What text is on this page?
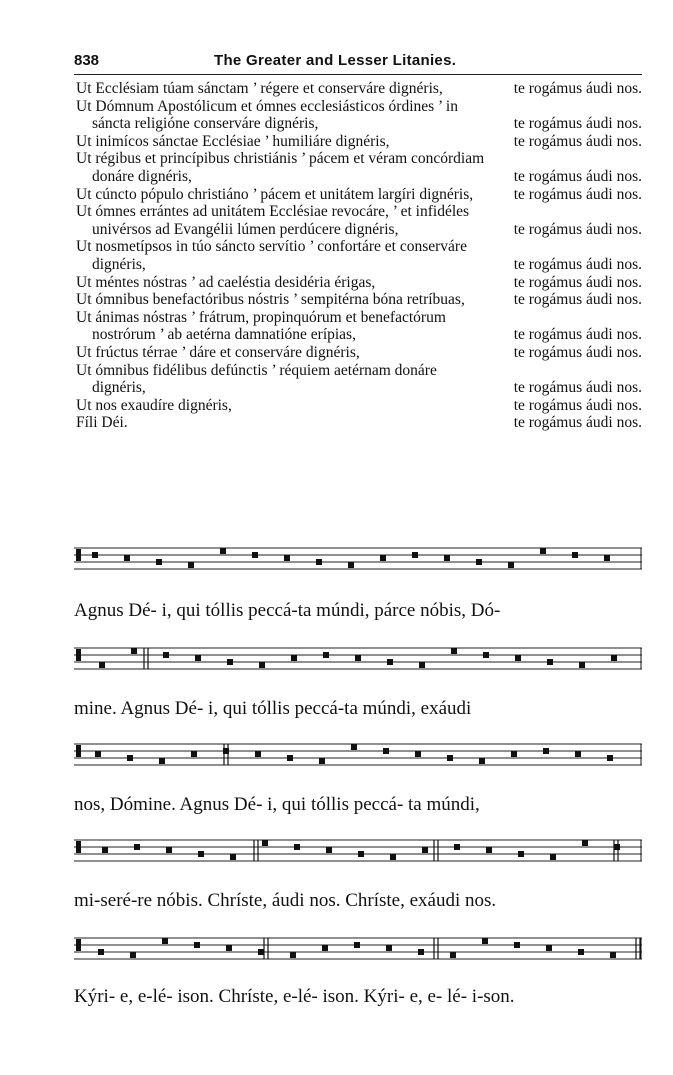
838	The Greater and Lesser Litanies.
Ut Ecclésiam túam sánctam ’ régere et conserváre dignéris,	te rogámus áudi nos.
Ut Dómnum Apostólicum et ómnes ecclesiásticos órdines ’ in sáncta religióne conserváre dignéris,	te rogámus áudi nos.
Ut inimícos sánctae Ecclésiae ’ humiliáre dignéris,	te rogámus áudi nos.
Ut régibus et princípibus christiánis ’ pácem et véram concórdiam donáre dignéris,	te rogámus áudi nos.
Ut cúncto pópulo christiáno ’ pácem et unitátem largíri dignéris,	te rogámus áudi nos.
Ut ómnes errántes ad unitátem Ecclésiae revocáre, ’ et infidéles univérsos ad Evangélii lúmen perdúcere dignéris,	te rogámus áudi nos.
Ut nosmetípsos in túo sáncto servítio ’ confortáre et conserváre dignéris,	te rogámus áudi nos.
Ut méntes nóstras ’ ad caeléstia desidéria érigas,	te rogámus áudi nos.
Ut ómnibus benefactóribus nóstris ’ sempitérna bóna retríbuas,	te rogámus áudi nos.
Ut ánimas nóstras ’ frátrum, propinquórum et benefactórum nostrórum ’ ab aetérna damnatióne erípias,	te rogámus áudi nos.
Ut frúctus térrae ’ dáre et conserváre dignéris,	te rogámus áudi nos.
Ut ómnibus fidélibus defúnctis ’ réquiem aetérnam donáre dignéris,	te rogámus áudi nos.
Ut nos exaudíre dignéris,	te rogámus áudi nos.
Fíli Déi.	te rogámus áudi nos.
Agnus Dé- i, qui tóllis peccá-ta múndi, párce nóbis, Dó-
mine. Agnus Dé- i, qui tóllis peccá-ta múndi, exáudi
nos, Dómine. Agnus Dé- i, qui tóllis peccá- ta múndi,
mi-seré-re nóbis. Chríste, áudi nos. Chríste, exáudi nos.
Kýri- e, e-lé- ison. Chríste, e-lé- ison. Kýri- e, e- lé- i-son.
